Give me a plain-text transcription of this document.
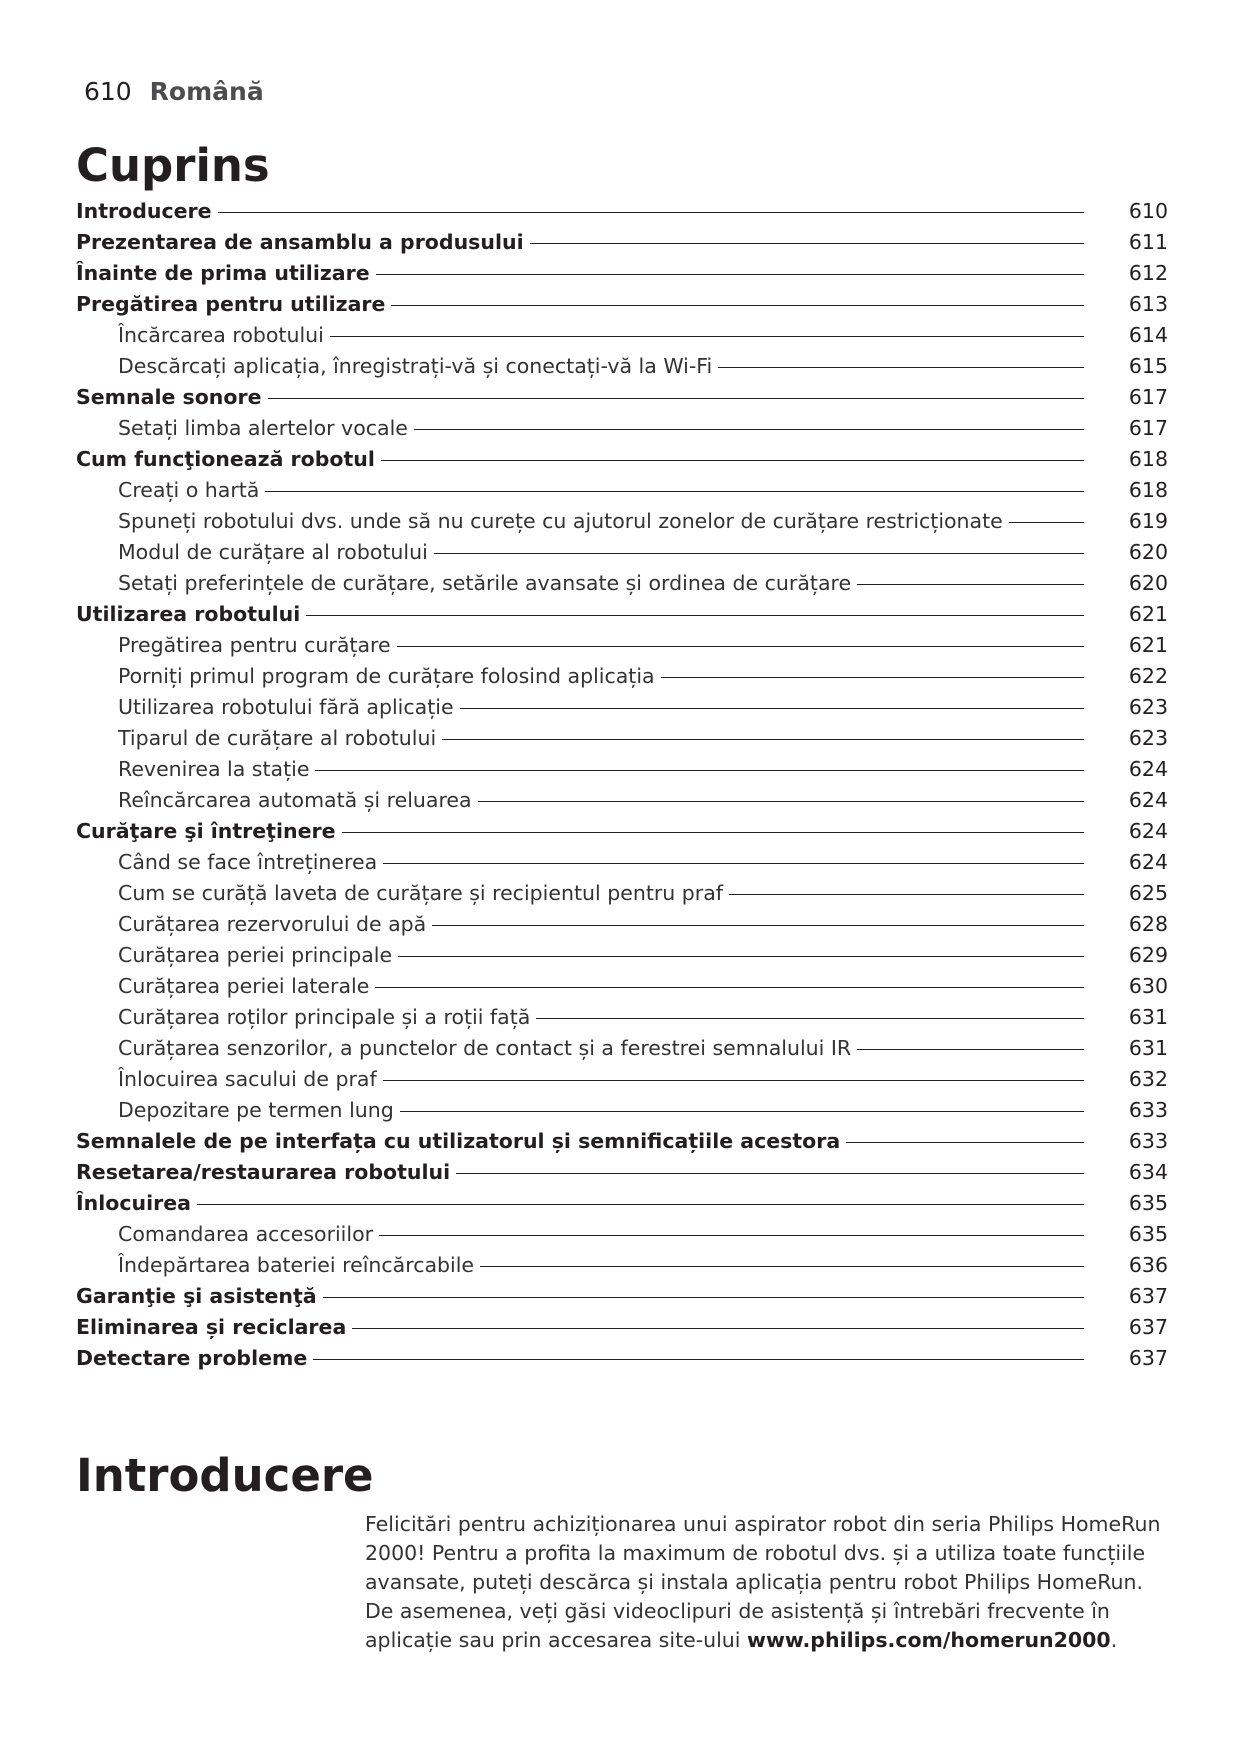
610 Română
Cuprins
Introducere	610
Prezentarea de ansamblu a produsului	611
Înainte de prima utilizare	612
Pregătirea pentru utilizare	613
Încărcarea robotului	614
Descărcați aplicația, înregistrați-vă și conectați-vă la Wi-Fi	615
Semnale sonore	617
Setați limba alertelor vocale	617
Cum funcţionează robotul	618
Creați o hartă	618
Spuneți robotului dvs. unde să nu curețe cu ajutorul zonelor de curățare restricționate	619
Modul de curățare al robotului	620
Setați preferințele de curățare, setările avansate și ordinea de curățare	620
Utilizarea robotului	621
Pregătirea pentru curățare	621
Porniți primul program de curățare folosind aplicația	622
Utilizarea robotului fără aplicație	623
Tiparul de curățare al robotului	623
Revenirea la stație	624
Reîncărcarea automată și reluarea	624
Curăţare şi întreţinere	624
Când se face întreținerea	624
Cum se curăță laveta de curățare și recipientul pentru praf	625
Curățarea rezervorului de apă	628
Curățarea periei principale	629
Curățarea periei laterale	630
Curățarea roților principale și a roții față	631
Curățarea senzorilor, a punctelor de contact și a ferestrei semnalului IR	631
Înlocuirea sacului de praf	632
Depozitare pe termen lung	633
Semnalele de pe interfața cu utilizatorul și semnificațiile acestora	633
Resetarea/restaurarea robotului	634
Înlocuirea	635
Comandarea accesoriilor	635
Îndepărtarea bateriei reîncărcabile	636
Garanţie şi asistenţă	637
Eliminarea și reciclarea	637
Detectare probleme	637
Introducere

Felicitări pentru achiziționarea unui aspirator robot din seria Philips HomeRun 2000! Pentru a profita la maximum de robotul dvs. și a utiliza toate funcțiile avansate, puteți descărca și instala aplicația pentru robot Philips HomeRun. De asemenea, veți găsi videoclipuri de asistență și întrebări frecvente în aplicație sau prin accesarea site-ului www.philips.com/homerun2000.
